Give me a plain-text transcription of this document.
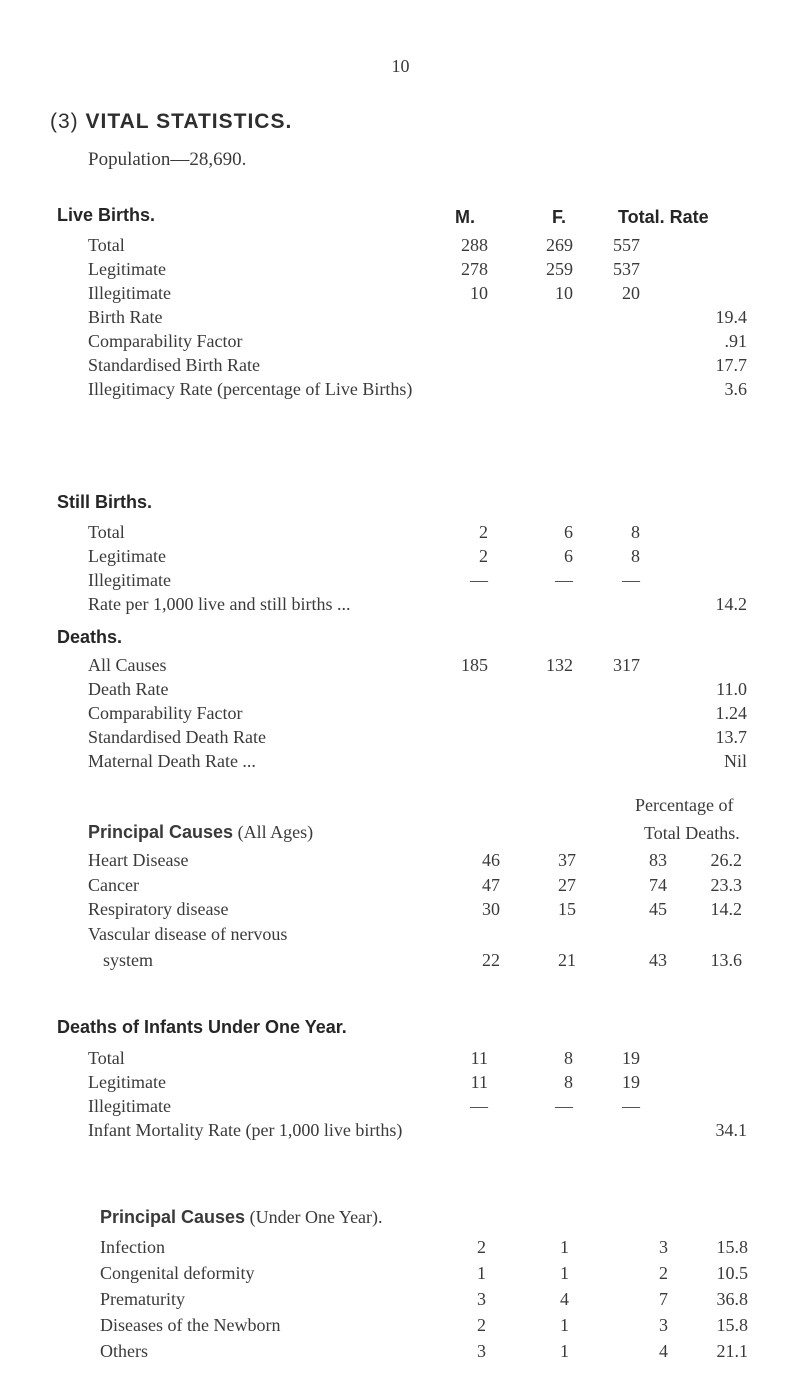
10
(3) VITAL STATISTICS.
Population—28,690.
Live Births.	M.	F.	Total. Rate
Total	288	269	557
Legitimate	278	259	537
Illegitimate	10	10	20
Birth Rate	19.4
Comparability Factor	.91
Standardised Birth Rate	17.7
Illegitimacy Rate (percentage of Live Births)	3.6
Total	2	6	8
Legitimate	2	6	8
Illegitimate	—	—	—
Rate per 1,000 live and still births ...	14.2
All Causes	185	132	317
Death Rate	11.0
Comparability Factor	1.24
Standardised Death Rate	13.7
Maternal Death Rate ...	Nil
Still Births.
Deaths.
Percentage of
Total Deaths.
Principal Causes (All Ages)
Heart Disease	46	37	83	26.2
Cancer	47	27	74	23.3
Respiratory disease	30	15	45	14.2
Vascular disease of nervous
system	22	21	43	13.6
Deaths of Infants Under One Year.
Total	11	8	19
Legitimate	11	8	19
Illegitimate	—	—	—
Infant Mortality Rate (per 1,000 live births)	34.1
Principal Causes (Under One Year).
Infection	2	1	3	15.8
Congenital deformity	1	1	2	10.5
Prematurity	3	4	7	36.8
Diseases of the Newborn	2	1	3	15.8
Others	3	1	4	21.1
